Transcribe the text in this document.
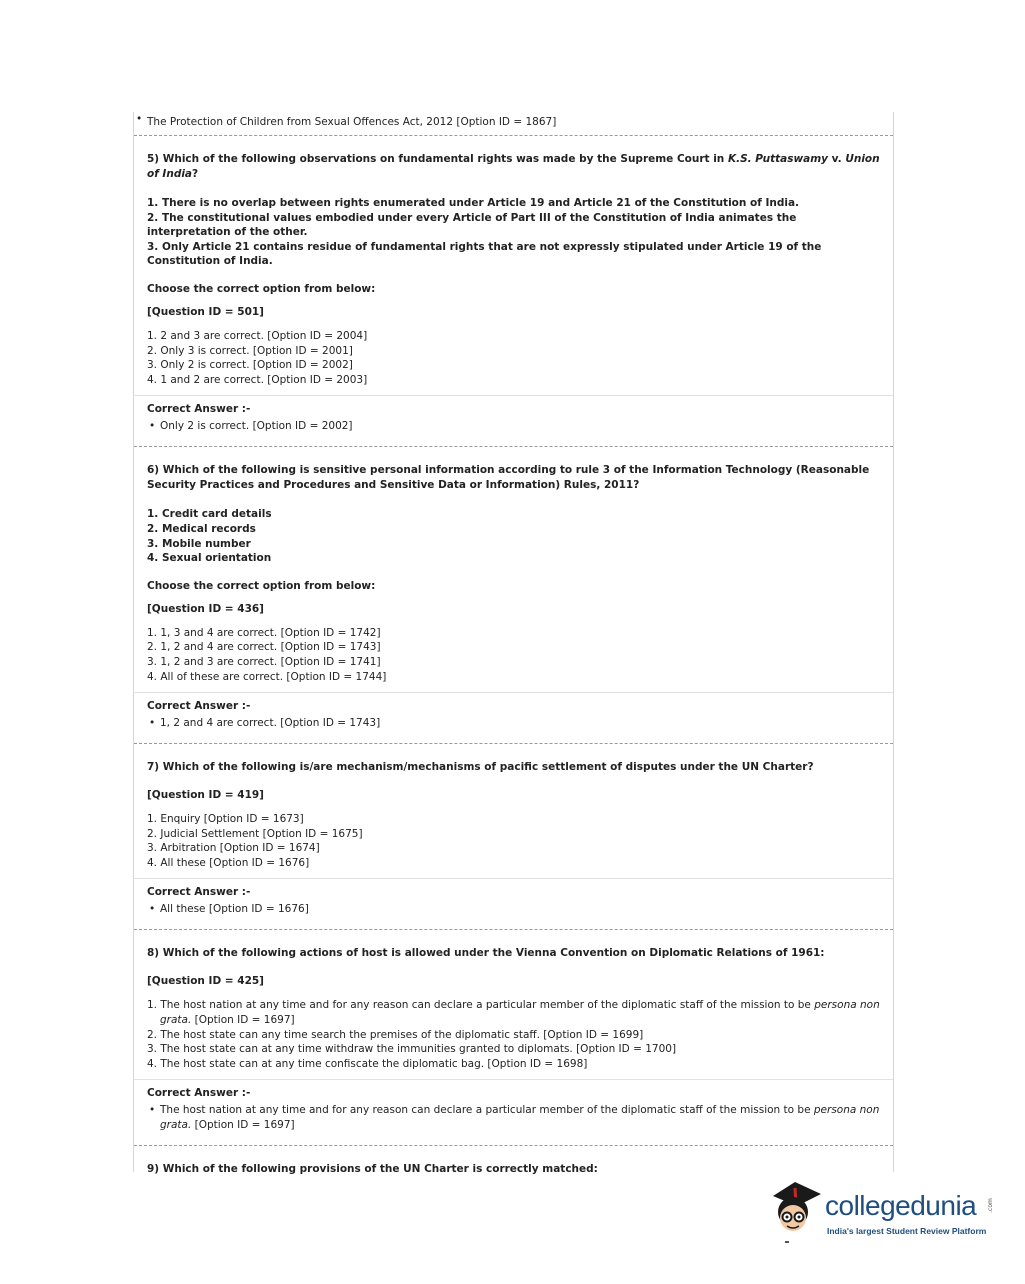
• The Protection of Children from Sexual Offences Act, 2012 [Option ID = 1867]
5) Which of the following observations on fundamental rights was made by the Supreme Court in K.S. Puttaswamy v. Union of India?
1. There is no overlap between rights enumerated under Article 19 and Article 21 of the Constitution of India.
2. The constitutional values embodied under every Article of Part III of the Constitution of India animates the interpretation of the other.
3. Only Article 21 contains residue of fundamental rights that are not expressly stipulated under Article 19 of the Constitution of India.
Choose the correct option from below:
[Question ID = 501]
1. 2 and 3 are correct. [Option ID = 2004]
2. Only 3 is correct. [Option ID = 2001]
3. Only 2 is correct. [Option ID = 2002]
4. 1 and 2 are correct. [Option ID = 2003]
Correct Answer :-
• Only 2 is correct. [Option ID = 2002]
6) Which of the following is sensitive personal information according to rule 3 of the Information Technology (Reasonable Security Practices and Procedures and Sensitive Data or Information) Rules, 2011?
1. Credit card details
2. Medical records
3. Mobile number
4. Sexual orientation
Choose the correct option from below:
[Question ID = 436]
1. 1, 3 and 4 are correct. [Option ID = 1742]
2. 1, 2 and 4 are correct. [Option ID = 1743]
3. 1, 2 and 3 are correct. [Option ID = 1741]
4. All of these are correct. [Option ID = 1744]
Correct Answer :-
• 1, 2 and 4 are correct. [Option ID = 1743]
7) Which of the following is/are mechanism/mechanisms of pacific settlement of disputes under the UN Charter?
[Question ID = 419]
1. Enquiry [Option ID = 1673]
2. Judicial Settlement [Option ID = 1675]
3. Arbitration [Option ID = 1674]
4. All these [Option ID = 1676]
Correct Answer :-
• All these [Option ID = 1676]
8) Which of the following actions of host is allowed under the Vienna Convention on Diplomatic Relations of 1961:
[Question ID = 425]
1. The host nation at any time and for any reason can declare a particular member of the diplomatic staff of the mission to be persona non grata. [Option ID = 1697]
2. The host state can any time search the premises of the diplomatic staff. [Option ID = 1699]
3. The host state can at any time withdraw the immunities granted to diplomats. [Option ID = 1700]
4. The host state can at any time confiscate the diplomatic bag. [Option ID = 1698]
Correct Answer :-
• The host nation at any time and for any reason can declare a particular member of the diplomatic staff of the mission to be persona non grata. [Option ID = 1697]
9) Which of the following provisions of the UN Charter is correctly matched:
collegedunia .com
India's largest Student Review Platform
